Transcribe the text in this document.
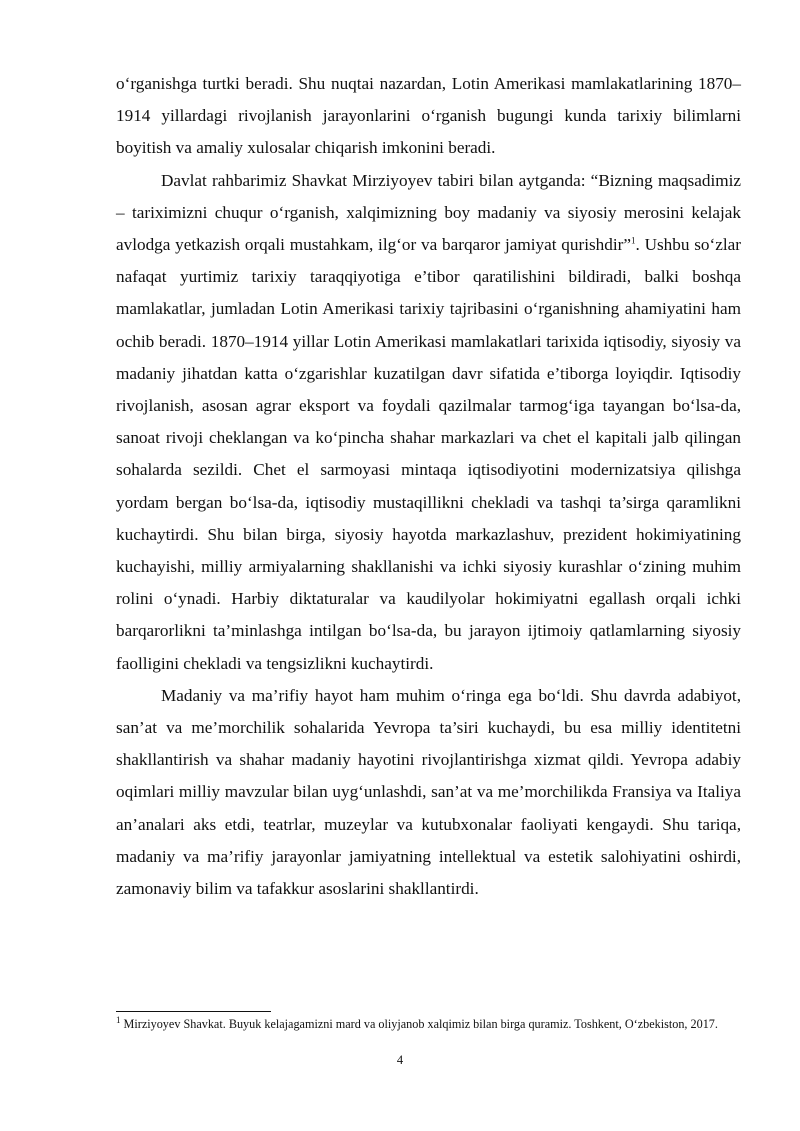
o‘rganishga turtki beradi. Shu nuqtai nazardan, Lotin Amerikasi mamlakatlarining 1870–1914 yillardagi rivojlanish jarayonlarini o‘rganish bugungi kunda tarixiy bilimlarni boyitish va amaliy xulosalar chiqarish imkonini beradi.

Davlat rahbarimiz Shavkat Mirziyoyev tabiri bilan aytganda: “Bizning maqsadimiz – tariximizni chuqur o‘rganish, xalqimizning boy madaniy va siyosiy merosini kelajak avlodga yetkazish orqali mustahkam, ilg‘or va barqaror jamiyat qurishdir”$^1$. Ushbu so‘zlar nafaqat yurtimiz tarixiy taraqqiyotiga e’tibor qaratilishini bildiradi, balki boshqa mamlakatlar, jumladan Lotin Amerikasi tarixiy tajribasini o‘rganishning ahamiyatini ham ochib beradi. 1870–1914 yillar Lotin Amerikasi mamlakatlari tarixida iqtisodiy, siyosiy va madaniy jihatdan katta o‘zgarishlar kuzatilgan davr sifatida e’tiborga loyiqdir. Iqtisodiy rivojlanish, asosan agrar eksport va foydali qazilmalar tarmog‘iga tayangan bo‘lsa-da, sanoat rivoji cheklangan va ko‘pincha shahar markazlari va chet el kapitali jalb qilingan sohalarda sezildi. Chet el sarmoyasi mintaqa iqtisodiyotini modernizatsiya qilishga yordam bergan bo‘lsa-da, iqtisodiy mustaqillikni chekladi va tashqi ta’sirga qaramlikni kuchaytirdi. Shu bilan birga, siyosiy hayotda markazlashuv, prezident hokimiyatining kuchayishi, milliy armiyalarning shakllanishi va ichki siyosiy kurashlar o‘zining muhim rolini o‘ynadi. Harbiy diktaturalar va kaudilyolar hokimiyatni egallash orqali ichki barqarorlikni ta’minlashga intilgan bo‘lsa-da, bu jarayon ijtimoiy qatlamlarning siyosiy faolligini chekladi va tengsizlikni kuchaytirdi.

Madaniy va ma’rifiy hayot ham muhim o‘ringa ega bo‘ldi. Shu davrda adabiyot, san’at va me’morchilik sohalarida Yevropa ta’siri kuchaydi, bu esa milliy identitetni shakllantirish va shahar madaniy hayotini rivojlantirishga xizmat qildi. Yevropa adabiy oqimlari milliy mavzular bilan uyg‘unlashdi, san’at va me’morchilikda Fransiya va Italiya an’analari aks etdi, teatrlar, muzeylar va kutubxonalar faoliyati kengaydi. Shu tariqa, madaniy va ma’rifiy jarayonlar jamiyatning intellektual va estetik salohiyatini oshirdi, zamonaviy bilim va tafakkur asoslarini shakllantirdi.

$^1$ Mirziyoyev Shavkat. Buyuk kelajagamizni mard va oliyjanob xalqimiz bilan birga quramiz. Toshkent, O‘zbekiston, 2017.

4
